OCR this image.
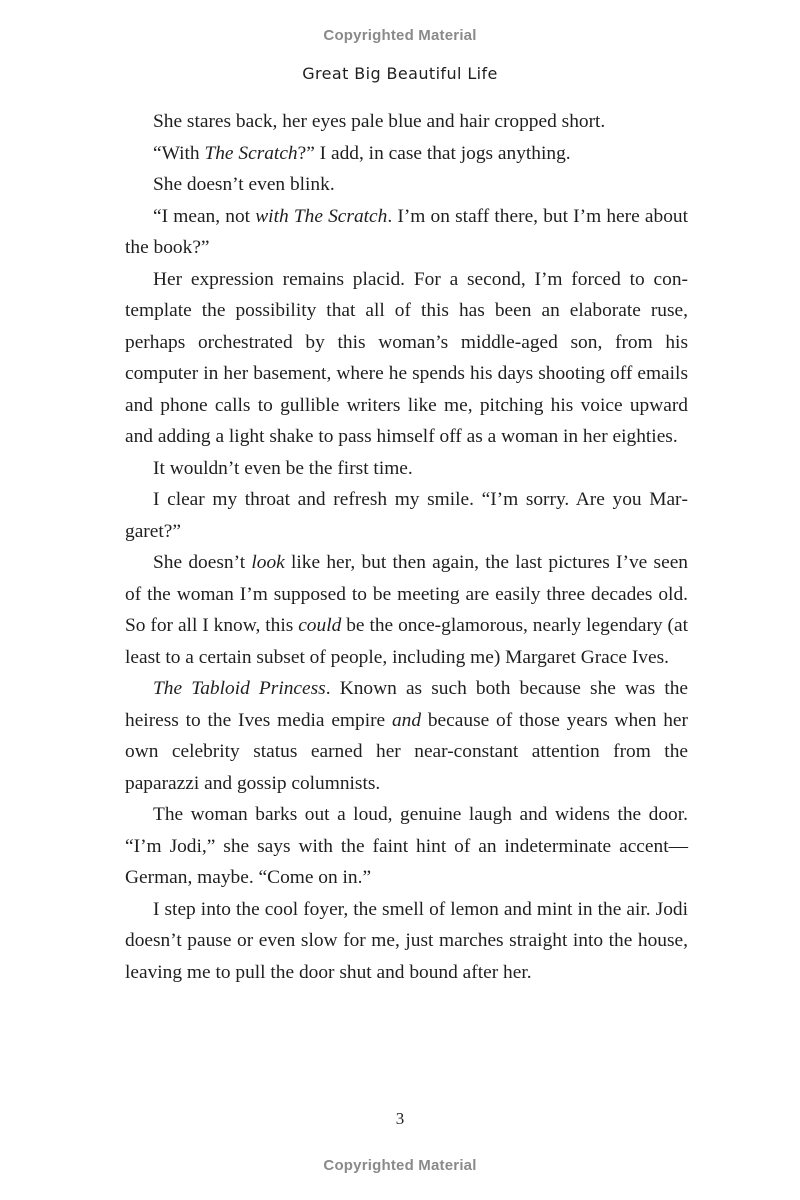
Copyrighted Material
Great Big Beautiful Life

She stares back, her eyes pale blue and hair cropped short.

“With The Scratch?” I add, in case that jogs anything.

She doesn’t even blink.

“I mean, not with The Scratch. I’m on staff there, but I’m here about the book?”

Her expression remains placid. For a second, I’m forced to contemplate the possibility that all of this has been an elaborate ruse, perhaps orchestrated by this woman’s middle-aged son, from his computer in her basement, where he spends his days shooting off emails and phone calls to gullible writers like me, pitching his voice upward and adding a light shake to pass himself off as a woman in her eighties.

It wouldn’t even be the first time.

I clear my throat and refresh my smile. “I’m sorry. Are you Margaret?”

She doesn’t look like her, but then again, the last pictures I’ve seen of the woman I’m supposed to be meeting are easily three decades old. So for all I know, this could be the once-glamorous, nearly legendary (at least to a certain subset of people, including me) Margaret Grace Ives.

The Tabloid Princess. Known as such both because she was the heiress to the Ives media empire and because of those years when her own celebrity status earned her near-constant attention from the paparazzi and gossip columnists.

The woman barks out a loud, genuine laugh and widens the door. “I’m Jodi,” she says with the faint hint of an indeterminate accent—German, maybe. “Come on in.”

I step into the cool foyer, the smell of lemon and mint in the air. Jodi doesn’t pause or even slow for me, just marches straight into the house, leaving me to pull the door shut and bound after her.

3
Copyrighted Material
